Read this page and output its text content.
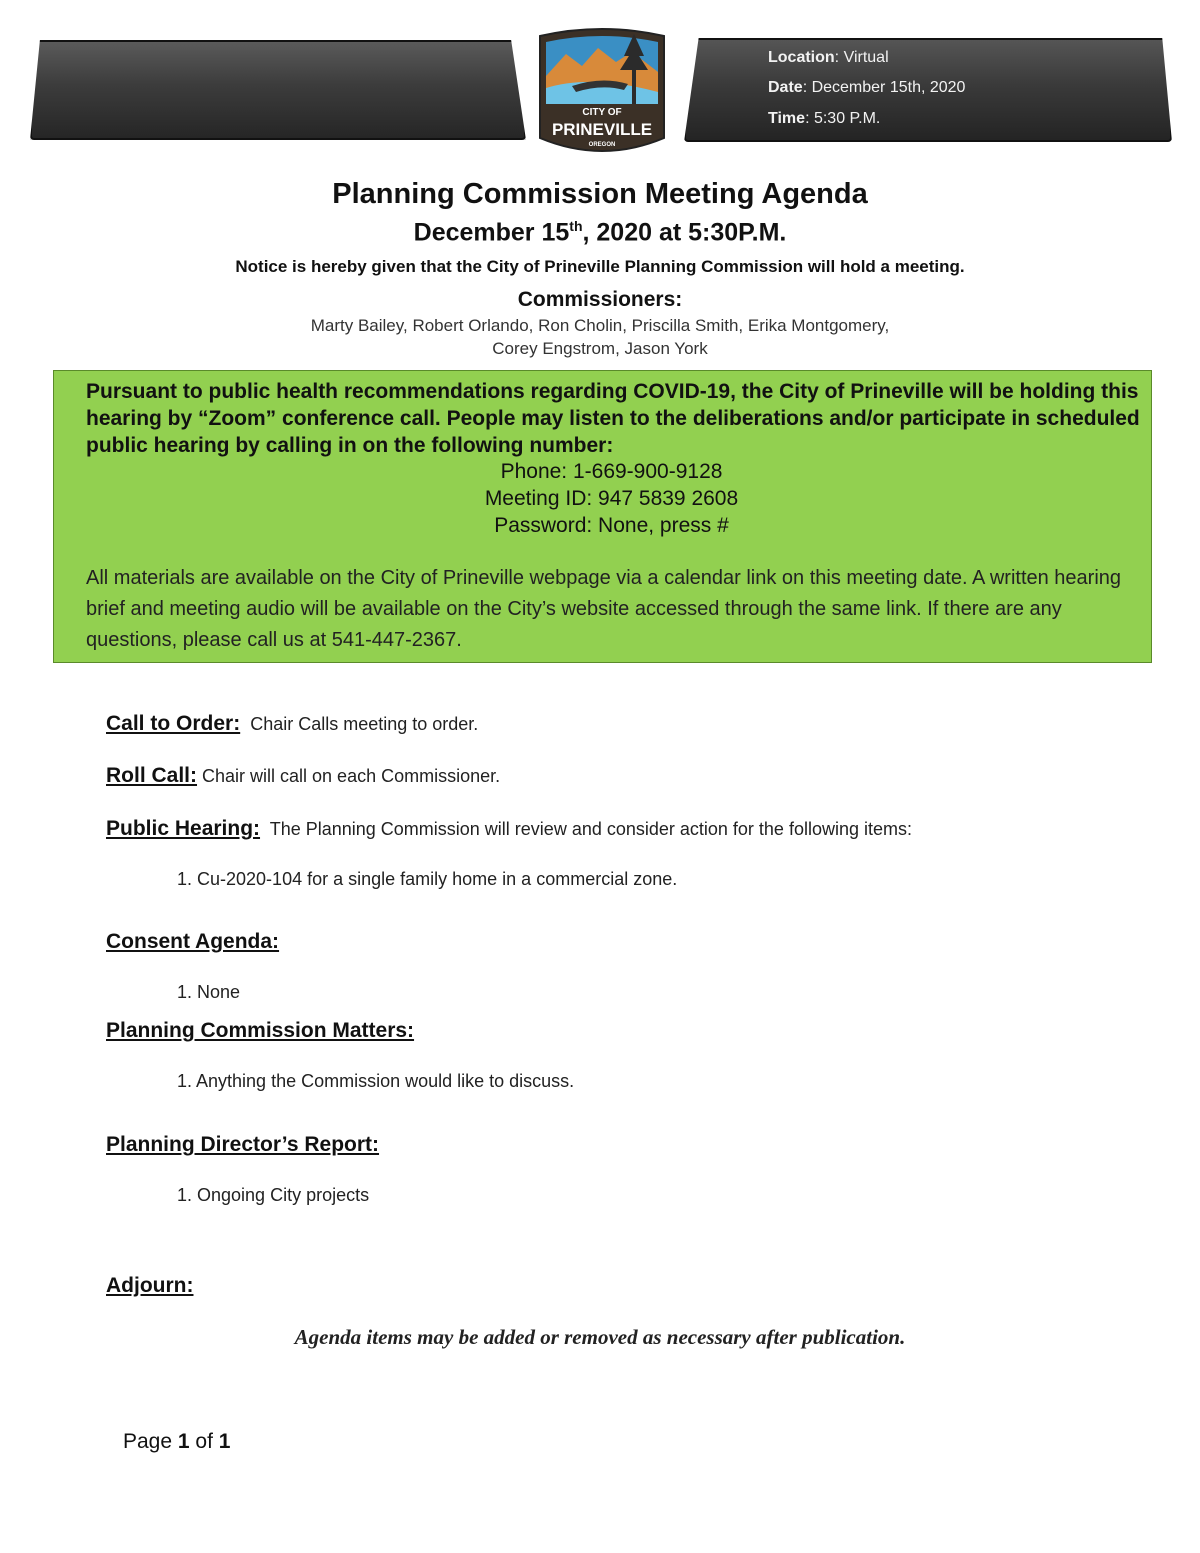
Location: Virtual
Date: December 15th, 2020
Time: 5:30 P.M.
CITY OF
PRINEVILLE
OREGON
Planning Commission Meeting Agenda
December 15th, 2020 at 5:30P.M.
Notice is hereby given that the City of Prineville Planning Commission will hold a meeting.
Commissioners:
Marty Bailey, Robert Orlando, Ron Cholin, Priscilla Smith, Erika Montgomery,
Corey Engstrom, Jason York
Pursuant to public health recommendations regarding COVID-19, the City of Prineville will be holding this hearing by “Zoom” conference call. People may listen to the deliberations and/or participate in scheduled public hearing by calling in on the following number:
Phone: 1-669-900-9128
Meeting ID: 947 5839 2608
Password: None, press #
All materials are available on the City of Prineville webpage via a calendar link on this meeting date. A written hearing brief and meeting audio will be available on the City’s website accessed through the same link. If there are any questions, please call us at 541-447-2367.
Call to Order:  Chair Calls meeting to order.
Roll Call: Chair will call on each Commissioner.
Public Hearing:  The Planning Commission will review and consider action for the following items:
1. Cu-2020-104 for a single family home in a commercial zone.
Consent Agenda:
1. None
Planning Commission Matters:
1. Anything the Commission would like to discuss.
Planning Director’s Report:
1. Ongoing City projects
Adjourn:
Agenda items may be added or removed as necessary after publication.
Page 1 of 1
